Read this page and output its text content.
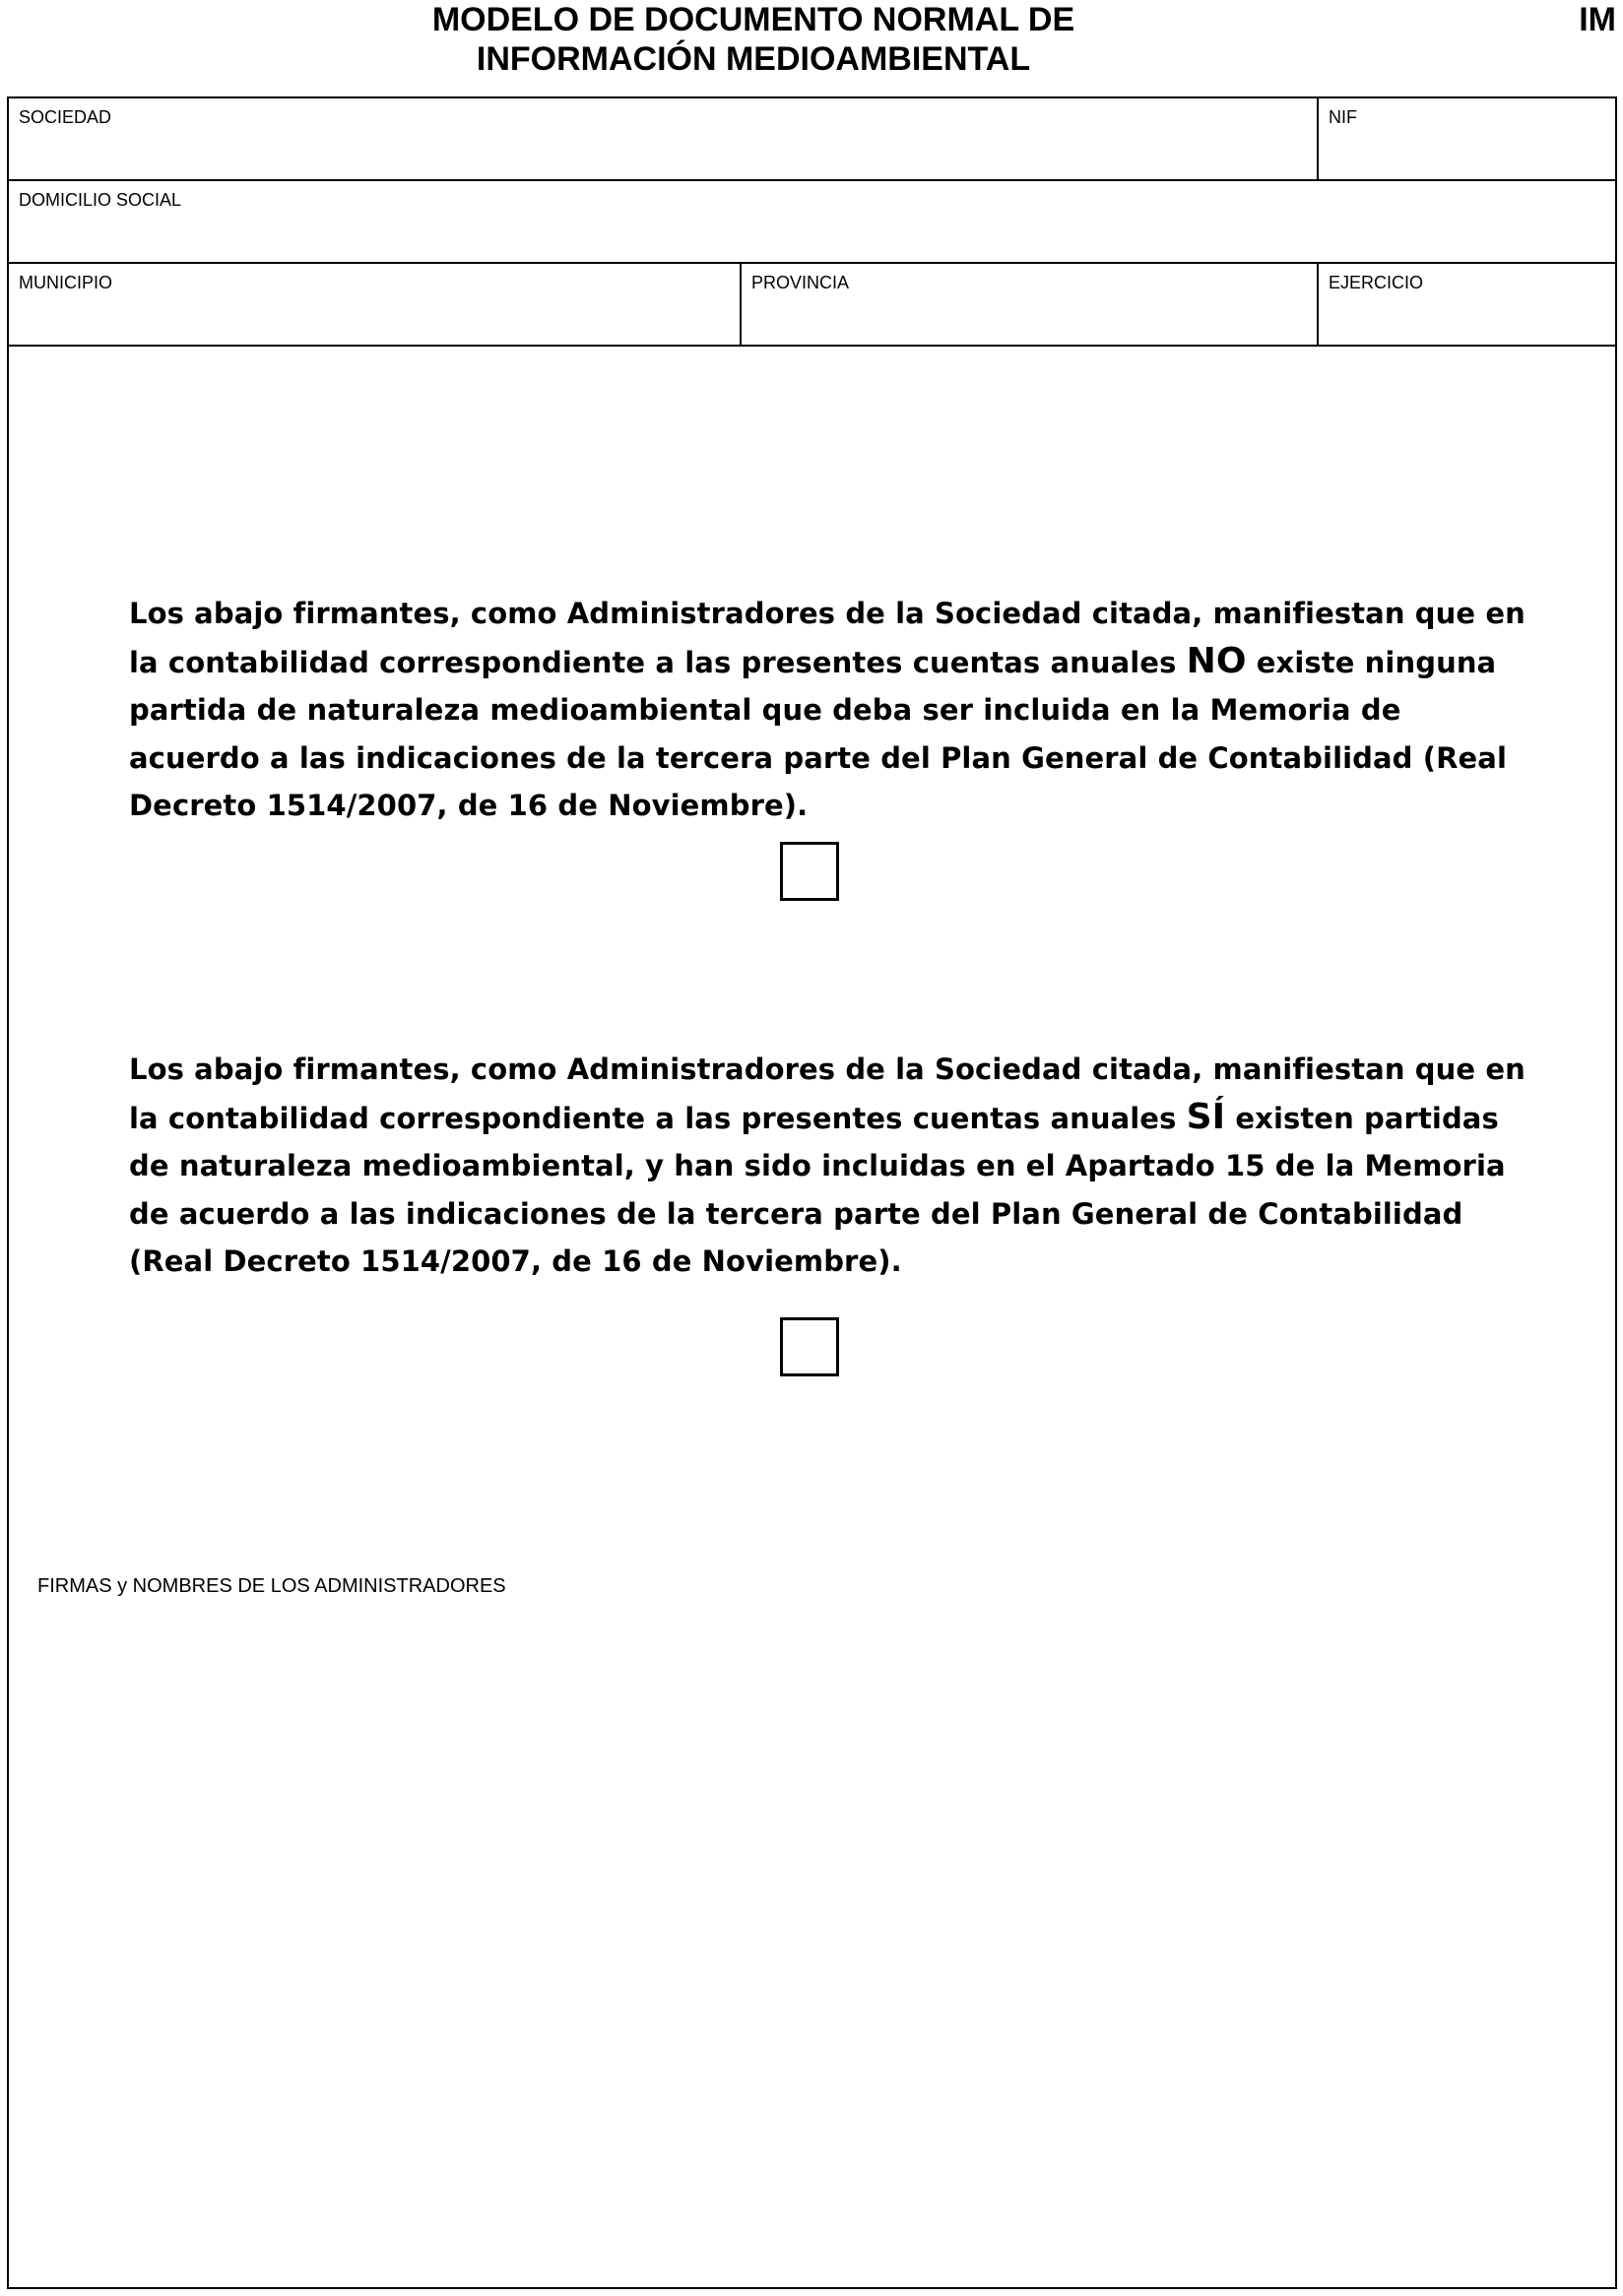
MODELO DE DOCUMENTO NORMAL DE
INFORMACIÓN MEDIOAMBIENTAL
IM
SOCIEDAD	NIF
DOMICILIO SOCIAL
MUNICIPIO	PROVINCIA	EJERCICIO
Los abajo firmantes, como Administradores de la Sociedad citada, manifiestan que en la contabilidad correspondiente a las presentes cuentas anuales NO existe ninguna partida de naturaleza medioambiental que deba ser incluida en la Memoria de acuerdo a las indicaciones de la tercera parte del Plan General de Contabilidad (Real Decreto 1514/2007, de 16 de Noviembre).
Los abajo firmantes, como Administradores de la Sociedad citada, manifiestan que en la contabilidad correspondiente a las presentes cuentas anuales SÍ existen partidas de naturaleza medioambiental, y han sido incluidas en el Apartado 15 de la Memoria de acuerdo a las indicaciones de la tercera parte del Plan General de Contabilidad (Real Decreto 1514/2007, de 16 de Noviembre).
FIRMAS y NOMBRES DE LOS ADMINISTRADORES
